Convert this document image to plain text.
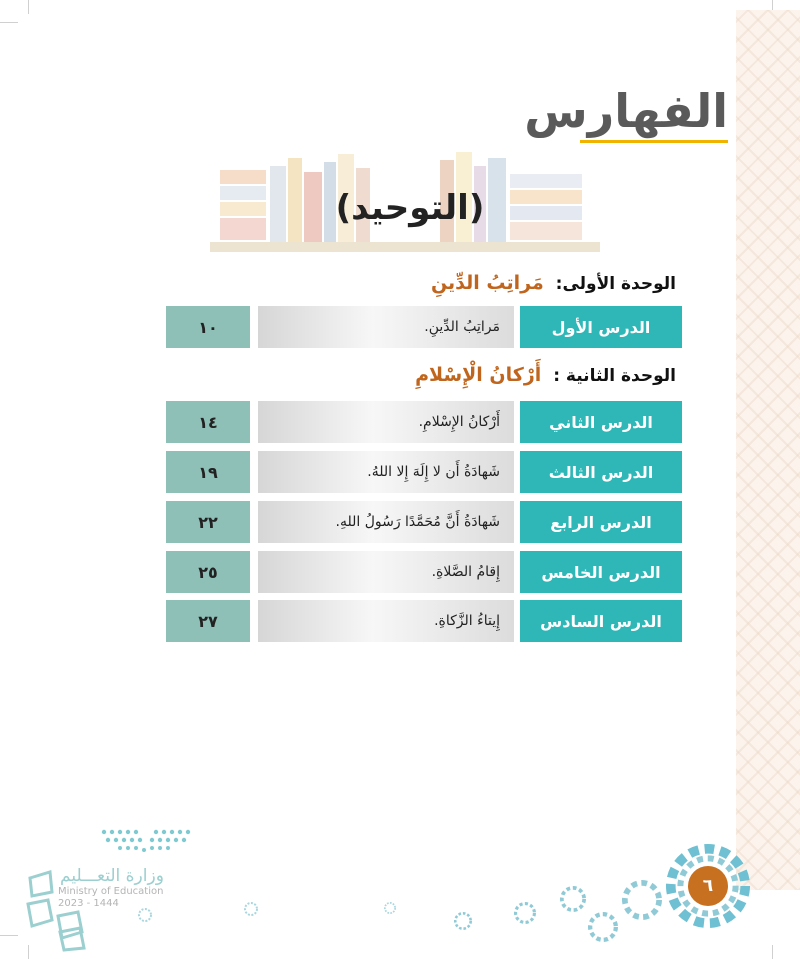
الفهارس
(التوحيد)
الوحدة الأولى: مَراتِبُ الدِّينِ
الدرس الأول
مَراتِبُ الدِّينِ.
١٠
الوحدة الثانية : أَرْكانُ الْإِسْلامِ
الدرس الثاني
أَرْكانُ الإِسْلامِ.
١٤
الدرس الثالث
شَهادَةُ أَن لا إِلَهَ إِلا اللهُ.
١٩
الدرس الرابع
شَهادَةُ أَنَّ مُحَمَّدًا رَسُولُ اللهِ.
٢٢
الدرس الخامس
إِقامُ الصَّلاةِ.
٢٥
الدرس السادس
إِيتاءُ الزَّكاةِ.
٢٧
وزارة التعـــليم
Ministry of Education
2023 - 1444
٦
